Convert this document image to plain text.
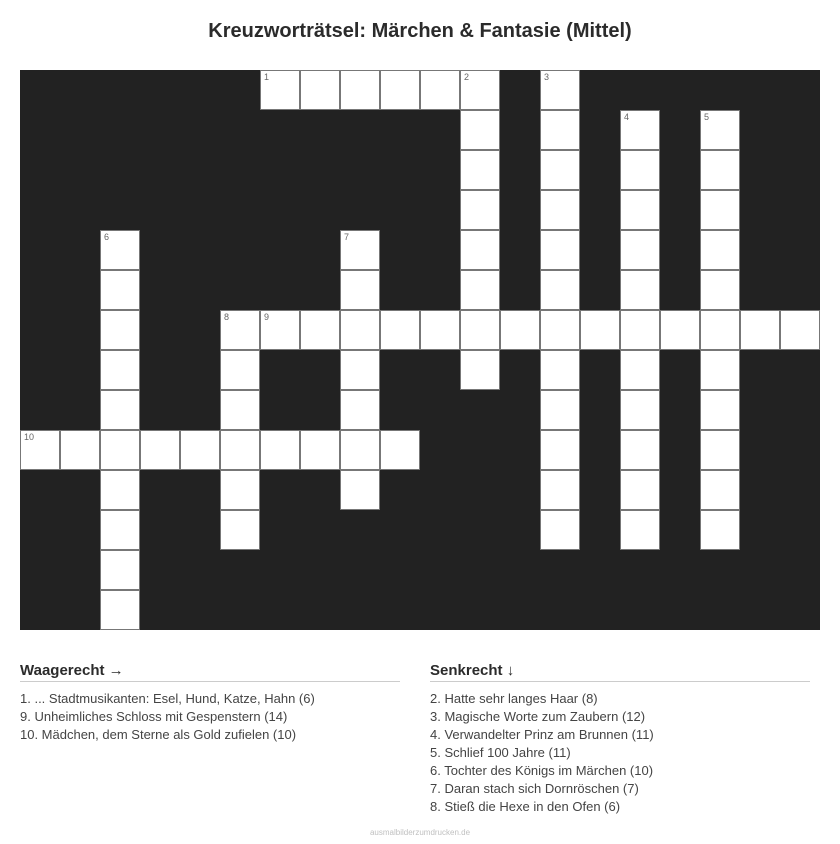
Kreuzworträtsel: Märchen & Fantasie (Mittel)
1	2	3
4	5
6	7
8	9
10
Waagerecht →
1. ... Stadtmusikanten: Esel, Hund, Katze, Hahn (6)
9. Unheimliches Schloss mit Gespenstern (14)
10. Mädchen, dem Sterne als Gold zufielen (10)
Senkrecht ↓
2. Hatte sehr langes Haar (8)
3. Magische Worte zum Zaubern (12)
4. Verwandelter Prinz am Brunnen (11)
5. Schlief 100 Jahre (11)
6. Tochter des Königs im Märchen (10)
7. Daran stach sich Dornröschen (7)
8. Stieß die Hexe in den Ofen (6)
ausmalbilderzumdrucken.de
